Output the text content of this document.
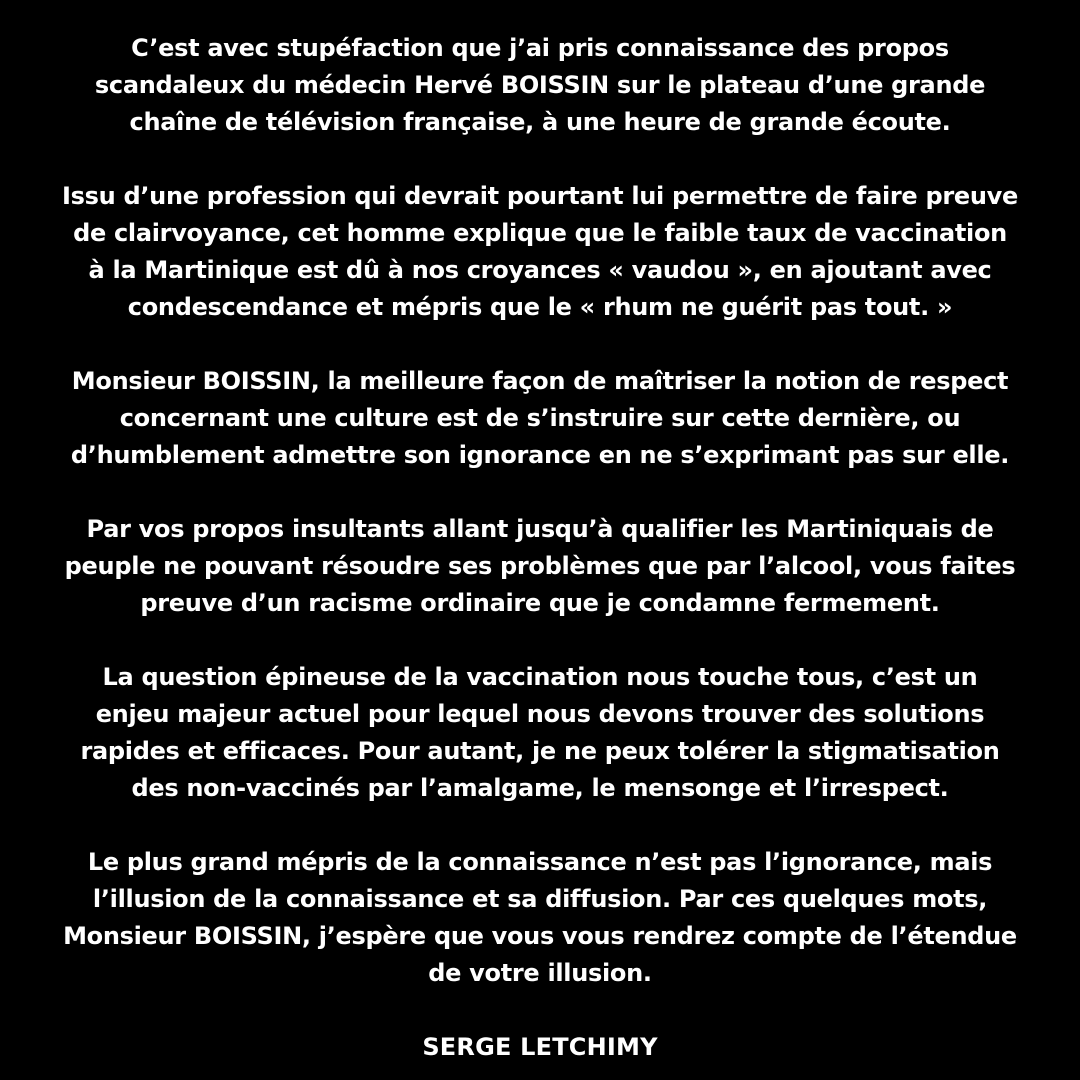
C’est avec stupéfaction que j’ai pris connaissance des propos
scandaleux du médecin Hervé BOISSIN sur le plateau d’une grande
chaîne de télévision française, à une heure de grande écoute.

Issu d’une profession qui devrait pourtant lui permettre de faire preuve
de clairvoyance, cet homme explique que le faible taux de vaccination
à la Martinique est dû à nos croyances « vaudou », en ajoutant avec
condescendance et mépris que le « rhum ne guérit pas tout. »

Monsieur BOISSIN, la meilleure façon de maîtriser la notion de respect
concernant une culture est de s’instruire sur cette dernière, ou
d’humblement admettre son ignorance en ne s’exprimant pas sur elle.

Par vos propos insultants allant jusqu’à qualifier les Martiniquais de
peuple ne pouvant résoudre ses problèmes que par l’alcool, vous faites
preuve d’un racisme ordinaire que je condamne fermement.

La question épineuse de la vaccination nous touche tous, c’est un
enjeu majeur actuel pour lequel nous devons trouver des solutions
rapides et efficaces. Pour autant, je ne peux tolérer la stigmatisation
des non-vaccinés par l’amalgame, le mensonge et l’irrespect.

Le plus grand mépris de la connaissance n’est pas l’ignorance, mais
l’illusion de la connaissance et sa diffusion. Par ces quelques mots,
Monsieur BOISSIN, j’espère que vous vous rendrez compte de l’étendue
de votre illusion.

SERGE LETCHIMY
